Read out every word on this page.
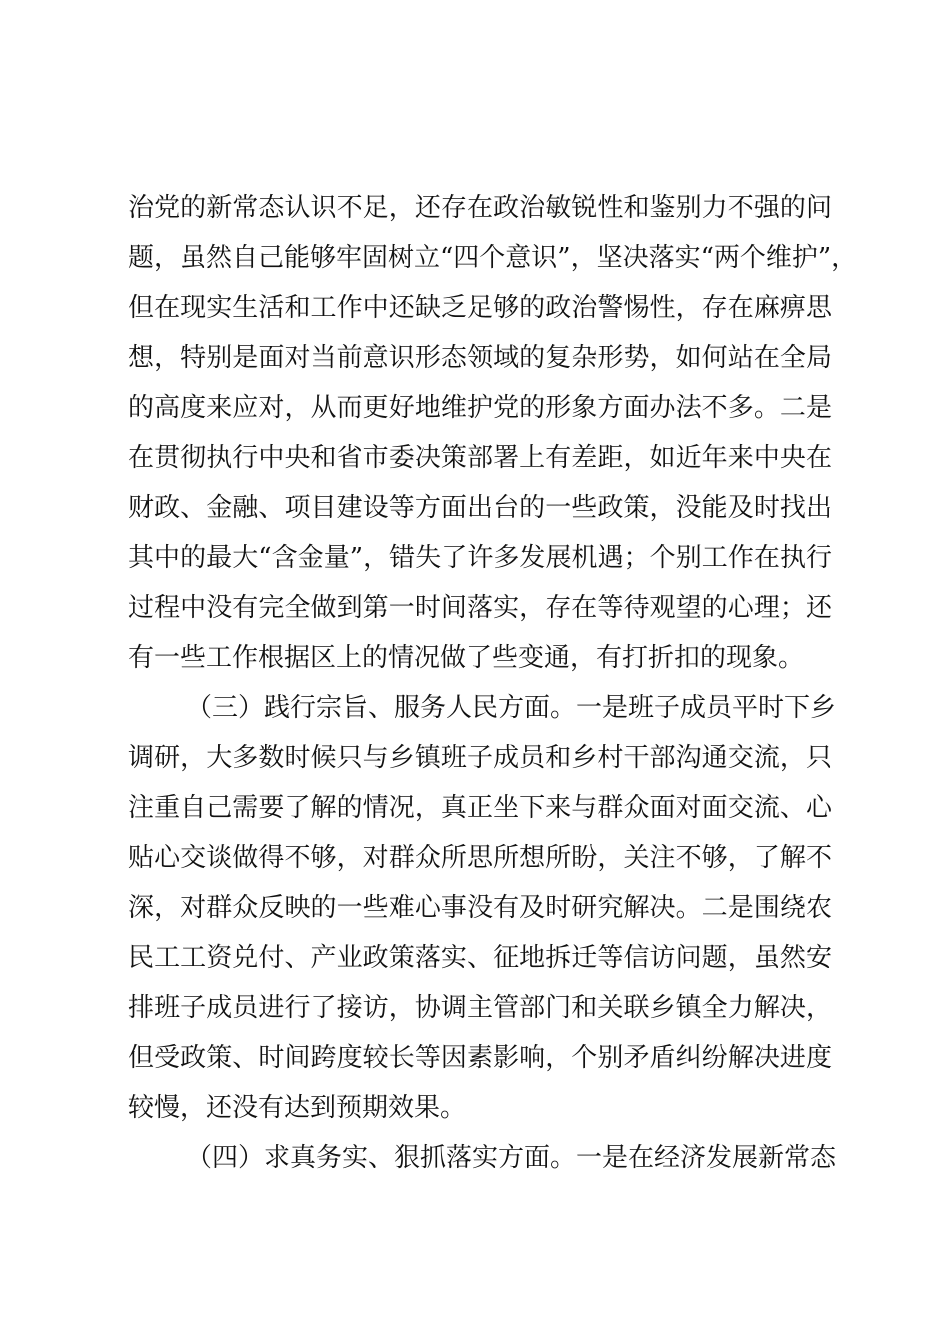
治党的新常态认识不足，还存在政治敏锐性和鉴别力不强的问
题，虽然自己能够牢固树立“四个意识”，坚决落实“两个维护”，
但在现实生活和工作中还缺乏足够的政治警惕性，存在麻痹思
想，特别是面对当前意识形态领域的复杂形势，如何站在全局
的高度来应对，从而更好地维护党的形象方面办法不多。二是
在贯彻执行中央和省市委决策部署上有差距，如近年来中央在
财政、金融、项目建设等方面出台的一些政策，没能及时找出
其中的最大“含金量”，错失了许多发展机遇；个别工作在执行
过程中没有完全做到第一时间落实，存在等待观望的心理；还
有一些工作根据区上的情况做了些变通，有打折扣的现象。
（三）践行宗旨、服务人民方面。一是班子成员平时下乡
调研，大多数时候只与乡镇班子成员和乡村干部沟通交流，只
注重自己需要了解的情况，真正坐下来与群众面对面交流、心
贴心交谈做得不够，对群众所思所想所盼，关注不够，了解不
深，对群众反映的一些难心事没有及时研究解决。二是围绕农
民工工资兑付、产业政策落实、征地拆迁等信访问题，虽然安
排班子成员进行了接访，协调主管部门和关联乡镇全力解决，
但受政策、时间跨度较长等因素影响，个别矛盾纠纷解决进度
较慢，还没有达到预期效果。
（四）求真务实、狠抓落实方面。一是在经济发展新常态
